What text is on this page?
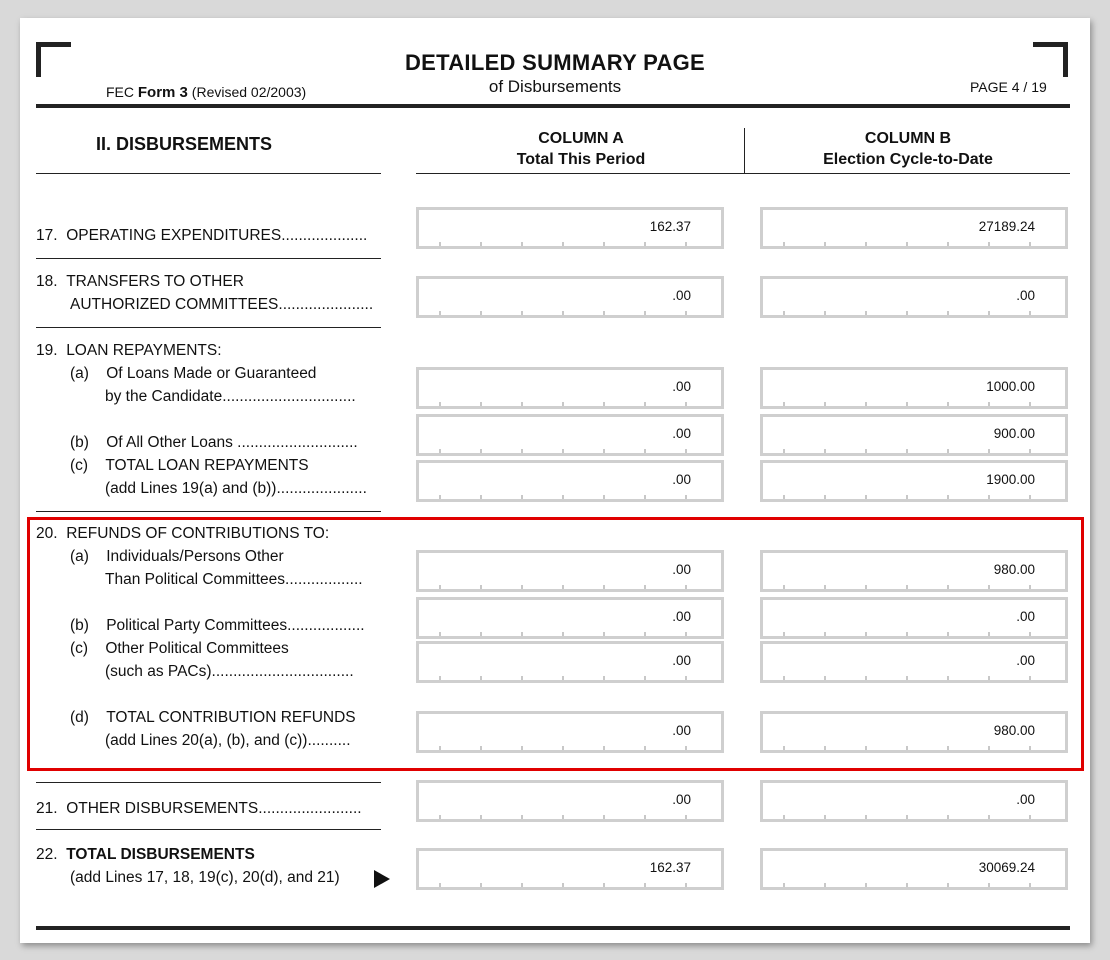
DETAILED SUMMARY PAGE
of Disbursements
FEC Form 3 (Revised 02/2003)	PAGE 4 / 19
II. DISBURSEMENTS	COLUMN A
Total This Period
COLUMN B
Election Cycle-to-Date
17. OPERATING EXPENDITURES....................
162.37	27189.24
18. TRANSFERS TO OTHER
AUTHORIZED COMMITTEES......................
.00	.00
19. LOAN REPAYMENTS:
(a) Of Loans Made or Guaranteed
by the Candidate...............................
.00	1000.00
(b) Of All Other Loans ............................
.00	900.00
(c) TOTAL LOAN REPAYMENTS
(add Lines 19(a) and (b)).....................
.00	1900.00
20. REFUNDS OF CONTRIBUTIONS TO:
(a) Individuals/Persons Other
Than Political Committees..................
.00	980.00
(b) Political Party Committees..................
.00	.00
(c) Other Political Committees
(such as PACs).................................
.00	.00
(d) TOTAL CONTRIBUTION REFUNDS
(add Lines 20(a), (b), and (c))..........
.00	980.00
21. OTHER DISBURSEMENTS........................
.00	.00
22. TOTAL DISBURSEMENTS
(add Lines 17, 18, 19(c), 20(d), and 21)
162.37	30069.24
